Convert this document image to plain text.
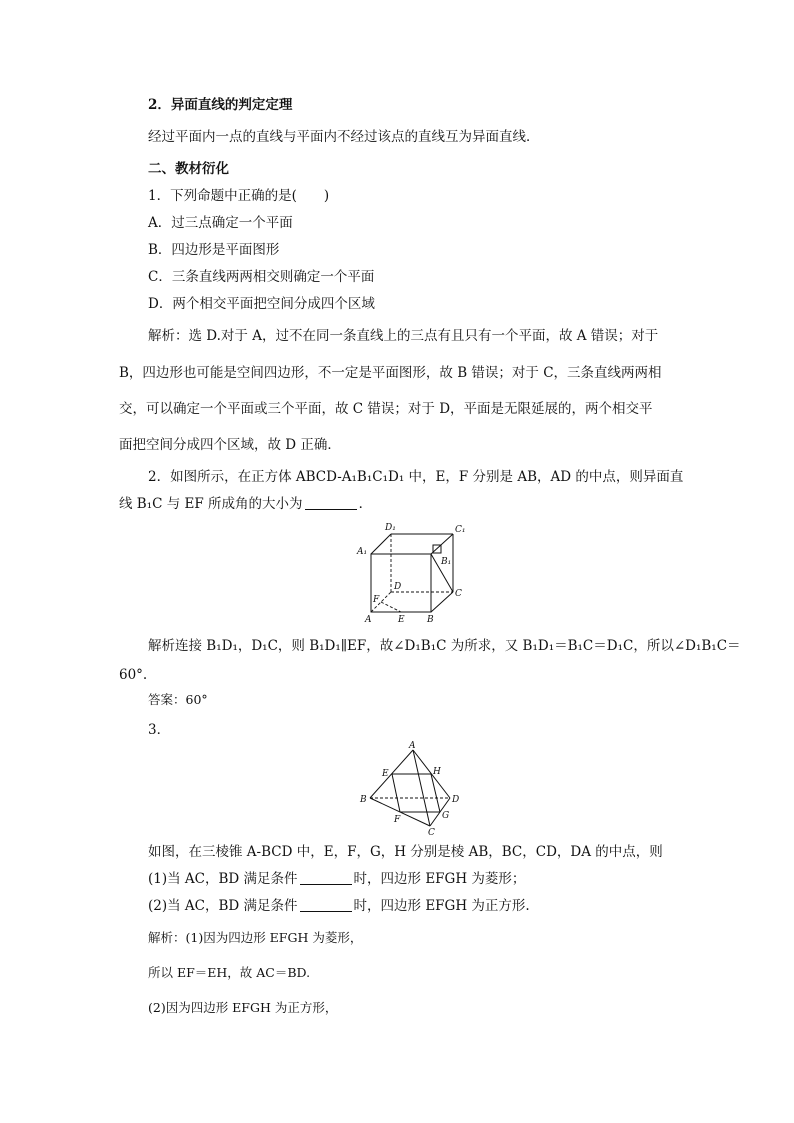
2．异面直线的判定定理
经过平面内一点的直线与平面内不经过该点的直线互为异面直线．
二、教材衍化
1．下列命题中正确的是(　　)
A．过三点确定一个平面
B．四边形是平面图形
C．三条直线两两相交则确定一个平面
D．两个相交平面把空间分成四个区域
解析：选 D.对于 A，过不在同一条直线上的三点有且只有一个平面，故 A 错误；对于
B，四边形也可能是空间四边形，不一定是平面图形，故 B 错误；对于 C，三条直线两两相
交，可以确定一个平面或三个平面，故 C 错误；对于 D，平面是无限延展的，两个相交平
面把空间分成四个区域，故 D 正确．
2．如图所示，在正方体 ABCD-A₁B₁C₁D₁ 中，E，F 分别是 AB，AD 的中点，则异面直
线 B₁C 与 EF 所成角的大小为	．
D₁	C₁
A₁
B₁
D
C
F
A	E B
解析连接 B₁D₁，D₁C，则 B₁D₁∥EF，故∠D₁B₁C 为所求，又 B₁D₁＝B₁C＝D₁C，所以∠D₁B₁C＝
60°.
答案：60°
3．
A
E	H
B	D
F	G
C
如图，在三棱锥 A-BCD 中，E，F，G，H 分别是棱 AB，BC，CD，DA 的中点，则
(1)当 AC，BD 满足条件	时，四边形 EFGH 为菱形；
(2)当 AC，BD 满足条件	时，四边形 EFGH 为正方形.
解析：(1)因为四边形 EFGH 为菱形，
所以 EF＝EH，故 AC＝BD.
(2)因为四边形 EFGH 为正方形，
